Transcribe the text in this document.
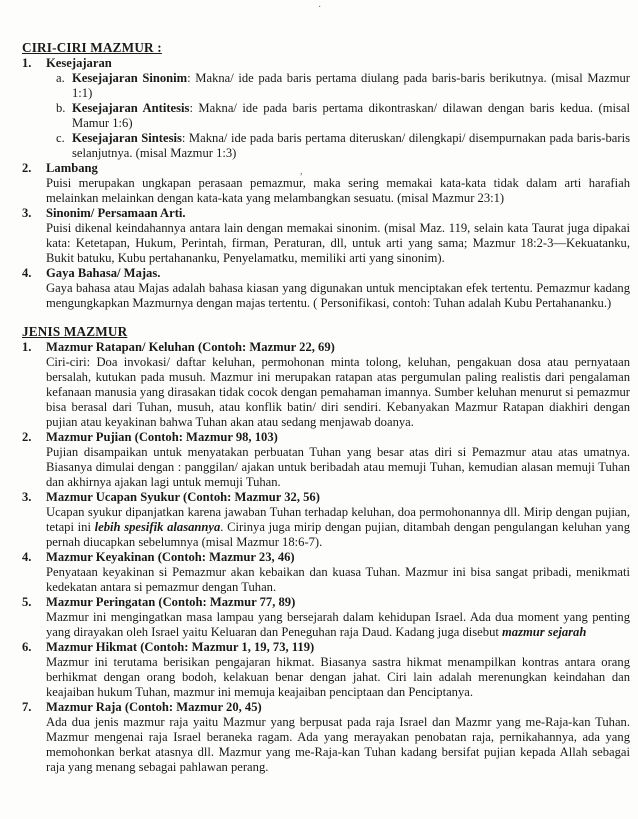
·
,
CIRI-CIRI MAZMUR :
1. Kesejajaran
a. Kesejajaran Sinonim: Makna/ ide pada baris pertama diulang pada baris-baris berikutnya. (misal Mazmur 1:1)
b. Kesejajaran Antitesis: Makna/ ide pada baris pertama dikontraskan/ dilawan dengan baris kedua. (misal Mamur 1:6)
c. Kesejajaran Sintesis: Makna/ ide pada baris pertama diteruskan/ dilengkapi/ disempurnakan pada baris-baris selanjutnya. (misal Mazmur 1:3)
2. Lambang
Puisi merupakan ungkapan perasaan pemazmur, maka sering memakai kata-kata tidak dalam arti harafiah melainkan melainkan dengan kata-kata yang melambangkan sesuatu. (misal Mazmur 23:1)
3. Sinonim/ Persamaan Arti.
Puisi dikenal keindahannya antara lain dengan memakai sinonim. (misal Maz. 119, selain kata Taurat juga dipakai kata: Ketetapan, Hukum, Perintah, firman, Peraturan, dll, untuk arti yang sama; Mazmur 18:2-3—Kekuatanku, Bukit batuku, Kubu pertahananku, Penyelamatku, memiliki arti yang sinonim).
4. Gaya Bahasa/ Majas.
Gaya bahasa atau Majas adalah bahasa kiasan yang digunakan untuk menciptakan efek tertentu. Pemazmur kadang mengungkapkan Mazmurnya dengan majas tertentu. ( Personifikasi, contoh: Tuhan adalah Kubu Pertahananku.)
JENIS MAZMUR
1. Mazmur Ratapan/ Keluhan (Contoh: Mazmur 22, 69)
Ciri-ciri: Doa invokasi/ daftar keluhan, permohonan minta tolong, keluhan, pengakuan dosa atau pernyataan bersalah, kutukan pada musuh. Mazmur ini merupakan ratapan atas pergumulan paling realistis dari pengalaman kefanaan manusia yang dirasakan tidak cocok dengan pemahaman imannya. Sumber keluhan menurut si pemazmur bisa berasal dari Tuhan, musuh, atau konflik batin/ diri sendiri. Kebanyakan Mazmur Ratapan diakhiri dengan pujian atau keyakinan bahwa Tuhan akan atau sedang menjawab doanya.
2. Mazmur Pujian (Contoh: Mazmur 98, 103)
Pujian disampaikan untuk menyatakan perbuatan Tuhan yang besar atas diri si Pemazmur atau atas umatnya. Biasanya dimulai dengan : panggilan/ ajakan untuk beribadah atau memuji Tuhan, kemudian alasan memuji Tuhan dan akhirnya ajakan lagi untuk memuji Tuhan.
3. Mazmur Ucapan Syukur (Contoh: Mazmur 32, 56)
Ucapan syukur dipanjatkan karena jawaban Tuhan terhadap keluhan, doa permohonannya dll. Mirip dengan pujian, tetapi ini lebih spesifik alasannya. Cirinya juga mirip dengan pujian, ditambah dengan pengulangan keluhan yang pernah diucapkan sebelumnya (misal Mazmur 18:6-7).
4. Mazmur Keyakinan (Contoh: Mazmur 23, 46)
Penyataan keyakinan si Pemazmur akan kebaikan dan kuasa Tuhan. Mazmur ini bisa sangat pribadi, menikmati kedekatan antara si pemazmur dengan Tuhan.
5. Mazmur Peringatan (Contoh: Mazmur 77, 89)
Mazmur ini mengingatkan masa lampau yang bersejarah dalam kehidupan Israel. Ada dua moment yang penting yang dirayakan oleh Israel yaitu Keluaran dan Peneguhan raja Daud. Kadang juga disebut mazmur sejarah
6. Mazmur Hikmat (Contoh: Mazmur 1, 19, 73, 119)
Mazmur ini terutama berisikan pengajaran hikmat. Biasanya sastra hikmat menampilkan kontras antara orang berhikmat dengan orang bodoh, kelakuan benar dengan jahat. Ciri lain adalah merenungkan keindahan dan keajaiban hukum Tuhan, mazmur ini memuja keajaiban penciptaan dan Penciptanya.
7. Mazmur Raja (Contoh: Mazmur 20, 45)
Ada dua jenis mazmur raja yaitu Mazmur yang berpusat pada raja Israel dan Mazmr yang me-Raja-kan Tuhan. Mazmur mengenai raja Israel beraneka ragam. Ada yang merayakan penobatan raja, pernikahannya, ada yang memohonkan berkat atasnya dll. Mazmur yang me-Raja-kan Tuhan kadang bersifat pujian kepada Allah sebagai raja yang menang sebagai pahlawan perang.
